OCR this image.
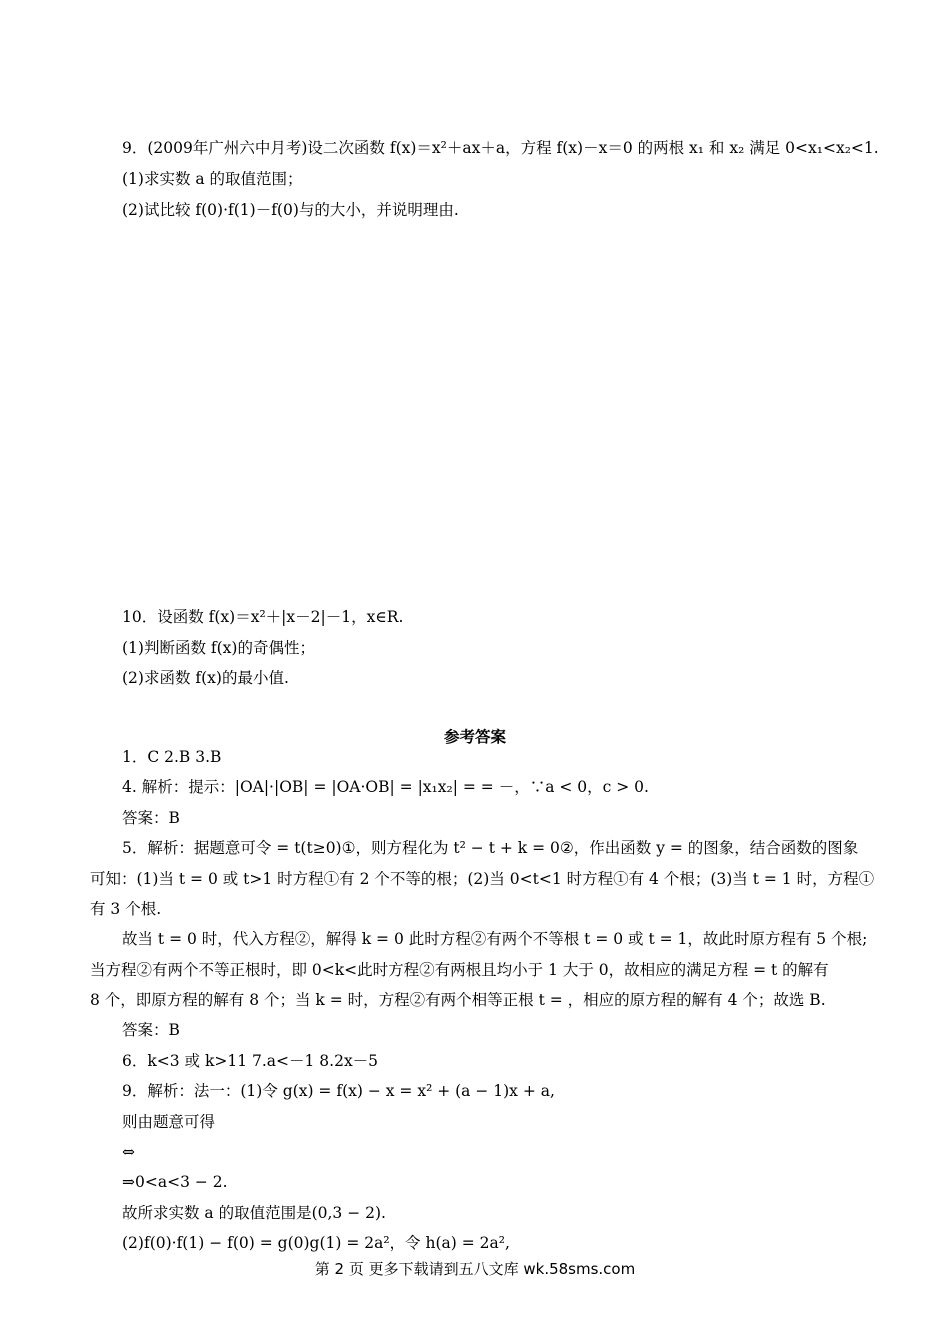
9．(2009年广州六中月考)设二次函数 f(x)＝x²＋ax＋a，方程 f(x)－x＝0 的两根 x₁ 和 x₂ 满足 0<x₁<x₂<1.
(1)求实数 a 的取值范围；
(2)试比较 f(0)·f(1)－f(0)与的大小，并说明理由.
10．设函数 f(x)＝x²＋|x－2|－1，x∈R.
(1)判断函数 f(x)的奇偶性；
(2)求函数 f(x)的最小值.
参考答案
1．C 2.B 3.B
4. 解析：提示：|OA|·|OB| = |OA·OB| = |x₁x₂| = = －，∵a < 0，c > 0.
答案：B
5．解析：据题意可令 = t(t≥0)①，则方程化为 t² − t + k = 0②，作出函数 y = 的图象，结合函数的图象
可知：(1)当 t = 0 或 t>1 时方程①有 2 个不等的根；(2)当 0<t<1 时方程①有 4 个根；(3)当 t = 1 时，方程①
有 3 个根.
故当 t = 0 时，代入方程②，解得 k = 0 此时方程②有两个不等根 t = 0 或 t = 1，故此时原方程有 5 个根;
当方程②有两个不等正根时，即 0<k<此时方程②有两根且均小于 1 大于 0，故相应的满足方程 = t 的解有
8 个，即原方程的解有 8 个；当 k = 时，方程②有两个相等正根 t = ，相应的原方程的解有 4 个；故选 B.
答案：B
6．k<3 或 k>11 7.a<－1 8.2x－5
9．解析：法一：(1)令 g(x) = f(x) − x = x² + (a − 1)x + a,
则由题意可得
⇔
⇒0<a<3 − 2.
故所求实数 a 的取值范围是(0,3 − 2).
(2)f(0)·f(1) − f(0) = g(0)g(1) = 2a²，令 h(a) = 2a²,
第 2 页 更多下载请到五八文库 wk.58sms.com
